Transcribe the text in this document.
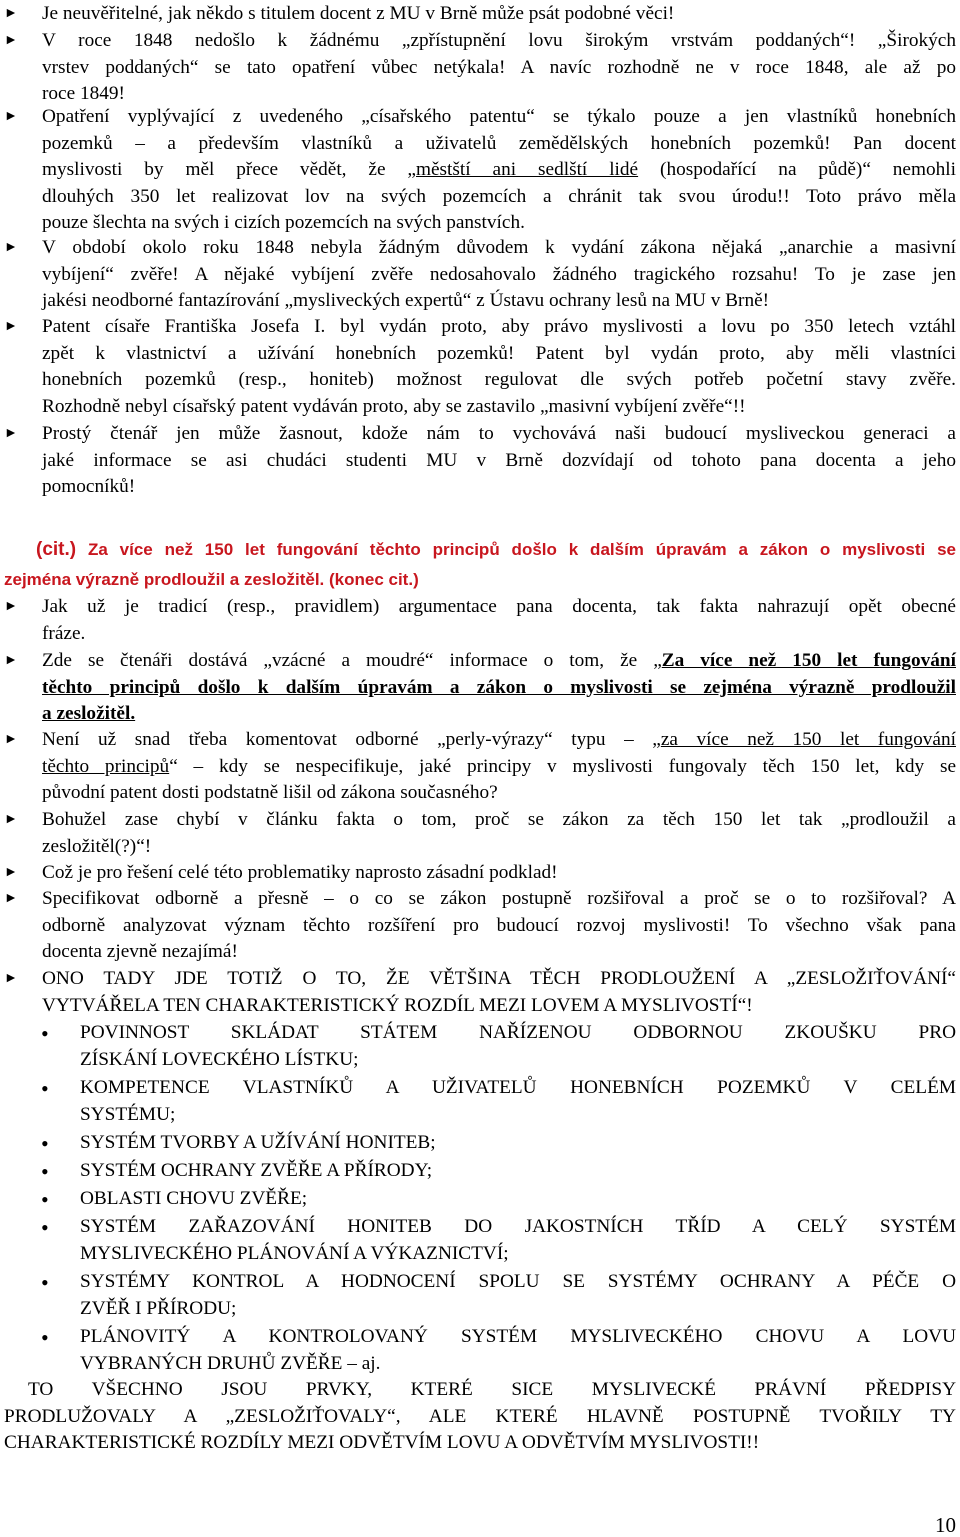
►	Je neuvěřitelné, jak někdo s titulem docent z MU v Brně může psát podobné věci!
►	V roce 1848 nedošlo k žádnému „zpřístupnění lovu širokým vrstvám poddaných“! „Širokých
vrstev poddaných“ se tato opatření vůbec netýkala! A navíc rozhodně ne v roce 1848, ale až po
roce 1849!
►	Opatření vyplývající z uvedeného „císařského patentu“ se týkalo pouze a jen vlastníků honebních
pozemků – a především vlastníků a uživatelů zemědělských honebních pozemků! Pan docent
myslivosti by měl přece vědět, že „městští ani sedlští lidé (hospodařící na půdě)“ nemohli
dlouhých 350 let realizovat lov na svých pozemcích a chránit tak svou úrodu!! Toto právo měla
pouze šlechta na svých i cizích pozemcích na svých panstvích.
►	V období okolo roku 1848 nebyla žádným důvodem k vydání zákona nějaká „anarchie a masivní
vybíjení“ zvěře! A nějaké vybíjení zvěře nedosahovalo žádného tragického rozsahu! To je zase jen
jakési neodborné fantazírování „mysliveckých expertů“ z Ústavu ochrany lesů na MU v Brně!
►	Patent císaře Františka Josefa I. byl vydán proto, aby právo myslivosti a lovu po 350 letech vztáhl
zpět k vlastnictví a užívání honebních pozemků! Patent byl vydán proto, aby měli vlastníci
honebních pozemků (resp., honiteb) možnost regulovat dle svých potřeb početní stavy zvěře.
Rozhodně nebyl císařský patent vydáván proto, aby se zastavilo „masivní vybíjení zvěře“!!
►	Prostý čtenář jen může žasnout, kdože nám to vychovává naši budoucí mysliveckou generaci a
jaké informace se asi chudáci studenti MU v Brně dozvídají od tohoto pana docenta a jeho
pomocníků!
(cit.) Za více než 150 let fungování těchto principů došlo k dalším úpravám a zákon o myslivosti se
zejména výrazně prodloužil a zesložitěl. (konec cit.)
►	Jak už je tradicí (resp., pravidlem) argumentace pana docenta, tak fakta nahrazují opět obecné
fráze.
►	Zde se čtenáři dostává „vzácné a moudré“ informace o tom, že „Za více než 150 let fungování
těchto principů došlo k dalším úpravám a zákon o myslivosti se zejména výrazně prodloužil
a zesložitěl.
►	Není už snad třeba komentovat odborné „perly-výrazy“ typu – „za více než 150 let fungování
těchto principů“ – kdy se nespecifikuje, jaké principy v myslivosti fungovaly těch 150 let, kdy se
původní patent dosti podstatně lišil od zákona současného?
►	Bohužel zase chybí v článku fakta o tom, proč se zákon za těch 150 let tak „prodloužil a
zesložitěl(?)“!
►	Což je pro řešení celé této problematiky naprosto zásadní podklad!
►	Specifikovat odborně a přesně – o co se zákon postupně rozšiřoval a proč se o to rozšiřoval? A
odborně analyzovat význam těchto rozšíření pro budoucí rozvoj myslivosti! To všechno však pana
docenta zjevně nezajímá!
►	ONO TADY JDE TOTIŽ O TO, ŽE VĚTŠINA TĚCH PRODLOUŽENÍ A „ZESLOŽIŤOVÁNÍ“
VYTVÁŘELA TEN CHARAKTERISTICKÝ ROZDÍL MEZI LOVEM A MYSLIVOSTÍ“!
•	POVINNOST SKLÁDAT STÁTEM NAŘÍZENOU ODBORNOU ZKOUŠKU PRO
ZÍSKÁNÍ LOVECKÉHO LÍSTKU;
•	KOMPETENCE VLASTNÍKŮ A UŽIVATELŮ HONEBNÍCH POZEMKŮ V CELÉM
SYSTÉMU;
•	SYSTÉM TVORBY A UŽÍVÁNÍ HONITEB;
•	SYSTÉM OCHRANY ZVĚŘE A PŘÍRODY;
•	OBLASTI CHOVU ZVĚŘE;
•	SYSTÉM ZAŘAZOVÁNÍ HONITEB DO JAKOSTNÍCH TŘÍD A CELÝ SYSTÉM
MYSLIVECKÉHO PLÁNOVÁNÍ A VÝKAZNICTVÍ;
•	SYSTÉMY KONTROL A HODNOCENÍ SPOLU SE SYSTÉMY OCHRANY A PÉČE O
ZVĚŘ I PŘÍRODU;
•	PLÁNOVITÝ A KONTROLOVANÝ SYSTÉM MYSLIVECKÉHO CHOVU A LOVU
VYBRANÝCH DRUHŮ ZVĚŘE – aj.
TO VŠECHNO JSOU PRVKY, KTERÉ SICE MYSLIVECKÉ PRÁVNÍ PŘEDPISY
PRODLUŽOVALY A „ZESLOŽIŤOVALY“, ALE KTERÉ HLAVNĚ POSTUPNĚ TVOŘILY TY
CHARAKTERISTICKÉ ROZDÍLY MEZI ODVĚTVÍM LOVU A ODVĚTVÍM MYSLIVOSTI!!
10
